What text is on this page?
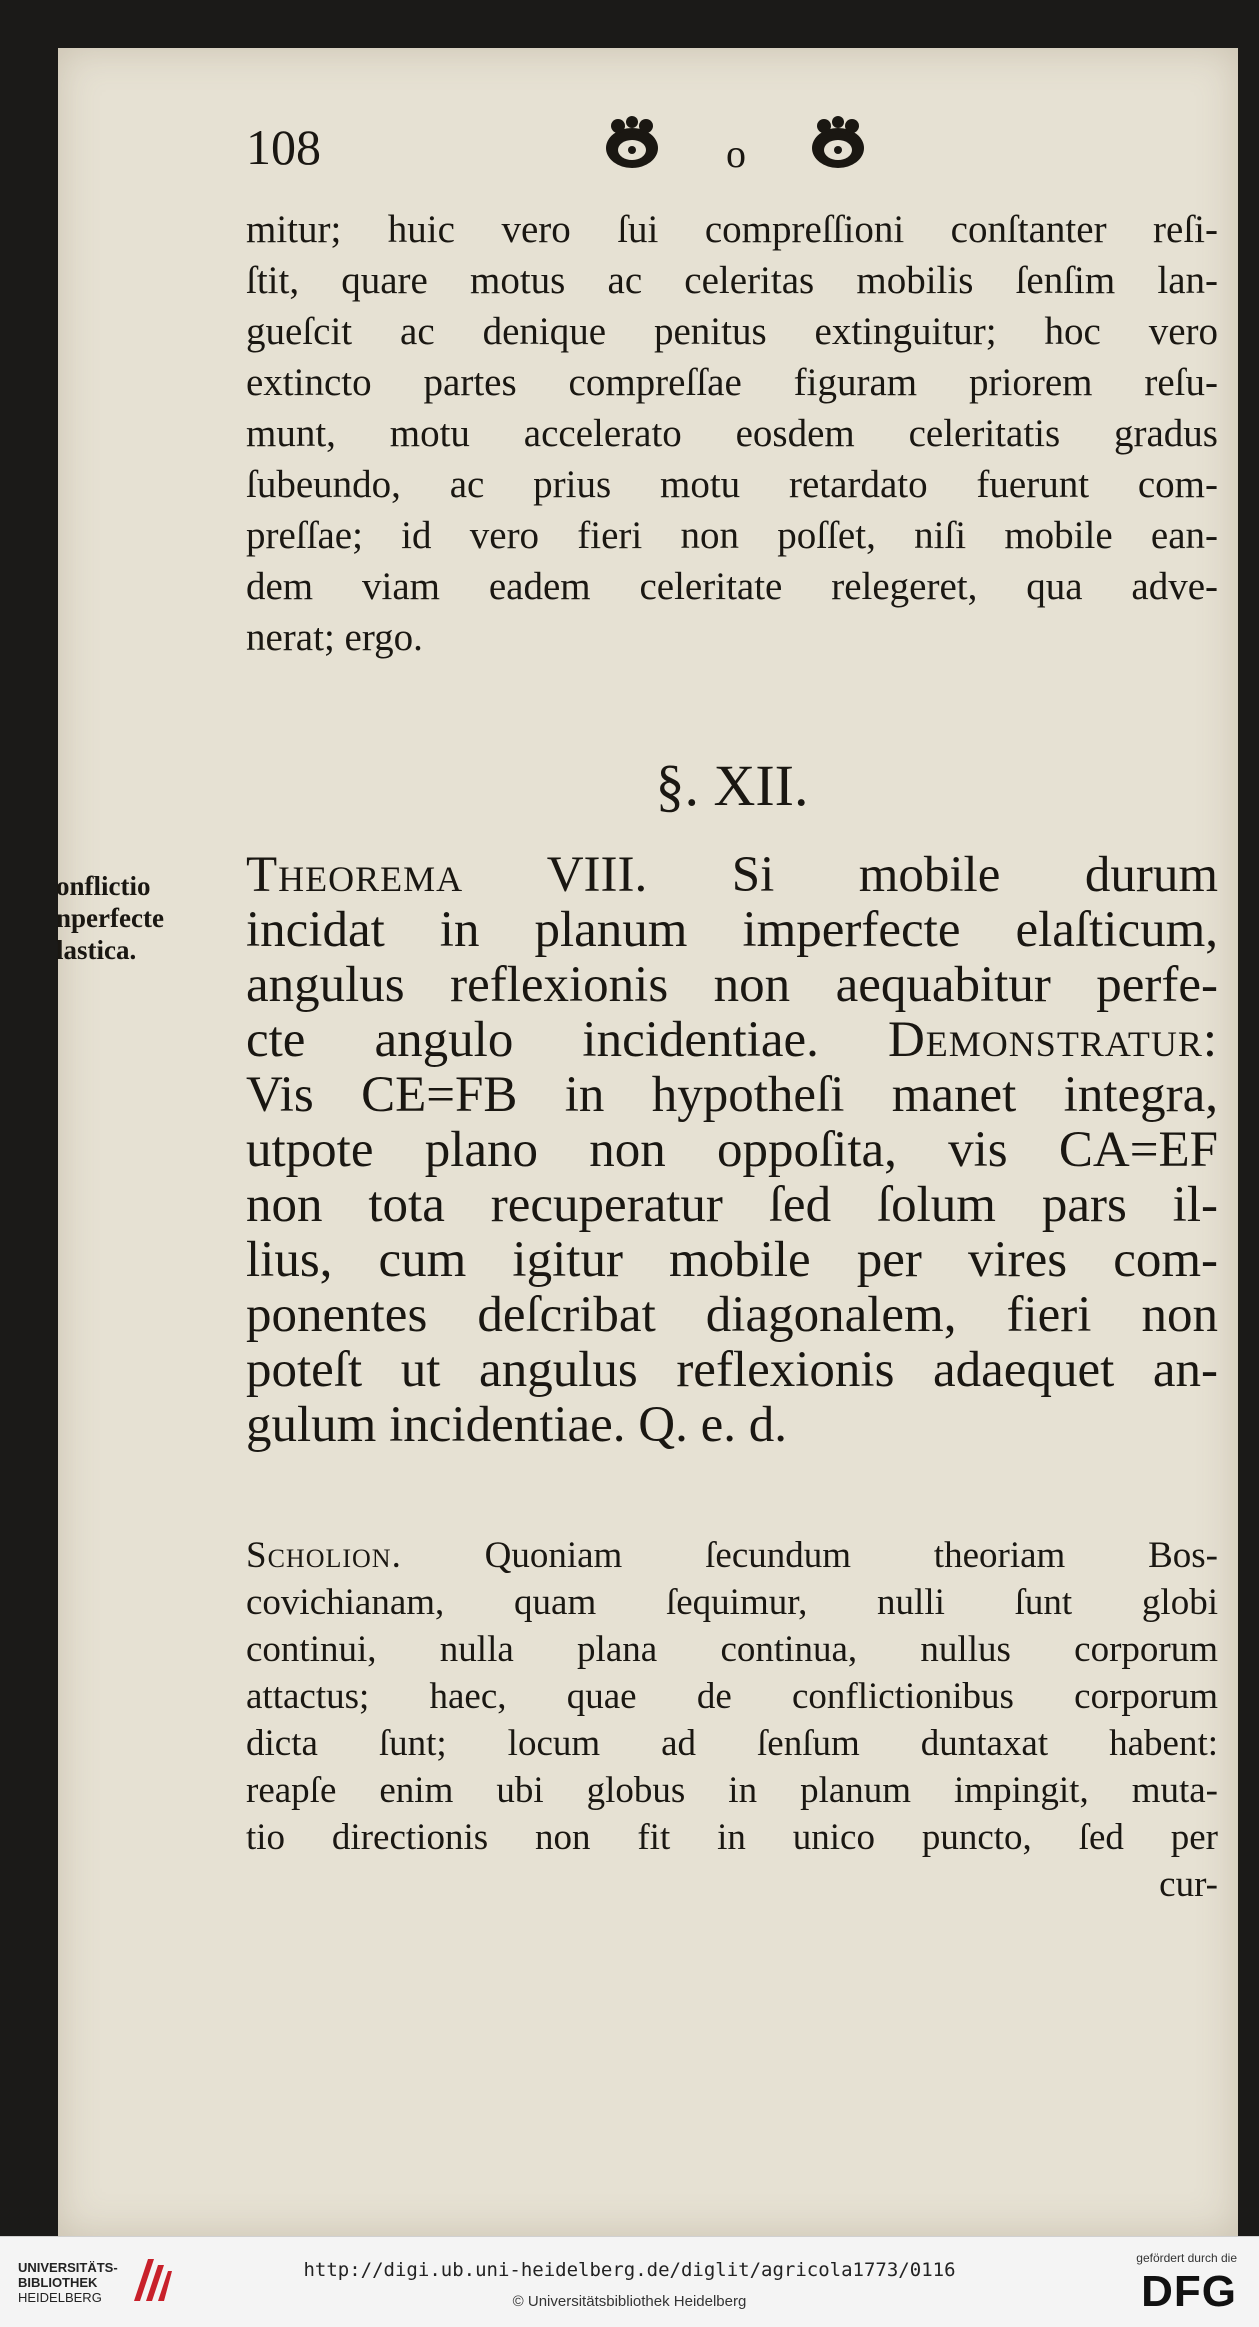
onflictio
nperfecte
lastica.
108	o
mitur; huic vero ſui compreſſioni conſtanter reſi-
ſtit, quare motus ac celeritas mobilis ſenſim lan-
gueſcit ac denique penitus extinguitur; hoc vero
extincto partes compreſſae figuram priorem reſu-
munt, motu accelerato eosdem celeritatis gradus
ſubeundo, ac prius motu retardato fuerunt com-
preſſae; id vero fieri non poſſet, niſi mobile ean-
dem viam eadem celeritate relegeret, qua adve-
nerat; ergo.
§. XII.
Theorema VIII. Si mobile durum
incidat in planum imperfecte elaſticum,
angulus reflexionis non aequabitur perfe-
cte angulo incidentiae. Demonstratur:
Vis CE=FB in hypotheſi manet integra,
utpote plano non oppoſita, vis CA=EF
non tota recuperatur ſed ſolum pars il-
lius, cum igitur mobile per vires com-
ponentes deſcribat diagonalem, fieri non
poteſt ut angulus reflexionis adaequet an-
gulum incidentiae. Q. e. d.
Scholion. Quoniam ſecundum theoriam Bos-
covichianam, quam ſequimur, nulli ſunt globi
continui, nulla plana continua, nullus corporum
attactus; haec, quae de conflictionibus corporum
dicta ſunt; locum ad ſenſum duntaxat habent:
reapſe enim ubi globus in planum impingit, muta-
tio directionis non fit in unico puncto, ſed per
cur-
UNIVERSITÄTS-
BIBLIOTHEK
HEIDELBERG
http://digi.ub.uni-heidelberg.de/diglit/agricola1773/0116
© Universitätsbibliothek Heidelberg
gefördert durch die
DFG
